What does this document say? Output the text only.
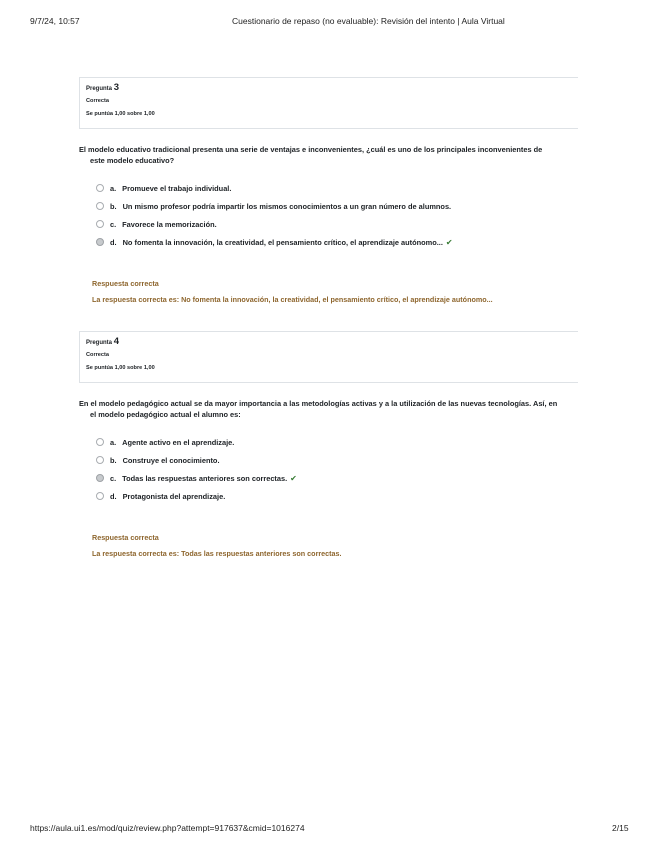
9/7/24, 10:57	Cuestionario de repaso (no evaluable): Revisión del intento | Aula Virtual
Pregunta 3
Correcta
Se puntúa 1,00 sobre 1,00
El modelo educativo tradicional presenta una serie de ventajas e inconvenientes, ¿cuál es uno de los principales inconvenientes de
este modelo educativo?
a. Promueve el trabajo individual.
b. Un mismo profesor podría impartir los mismos conocimientos a un gran número de alumnos.
c. Favorece la memorización.
d. No fomenta la innovación, la creatividad, el pensamiento crítico, el aprendizaje autónomo... ✔
Respuesta correcta
La respuesta correcta es: No fomenta la innovación, la creatividad, el pensamiento crítico, el aprendizaje autónomo...
Pregunta 4
Correcta
Se puntúa 1,00 sobre 1,00
En el modelo pedagógico actual se da mayor importancia a las metodologías activas y a la utilización de las nuevas tecnologías. Así, en
el modelo pedagógico actual el alumno es:
a. Agente activo en el aprendizaje.
b. Construye el conocimiento.
c. Todas las respuestas anteriores son correctas. ✔
d. Protagonista del aprendizaje.
Respuesta correcta
La respuesta correcta es: Todas las respuestas anteriores son correctas.
https://aula.ui1.es/mod/quiz/review.php?attempt=917637&cmid=1016274	2/15
